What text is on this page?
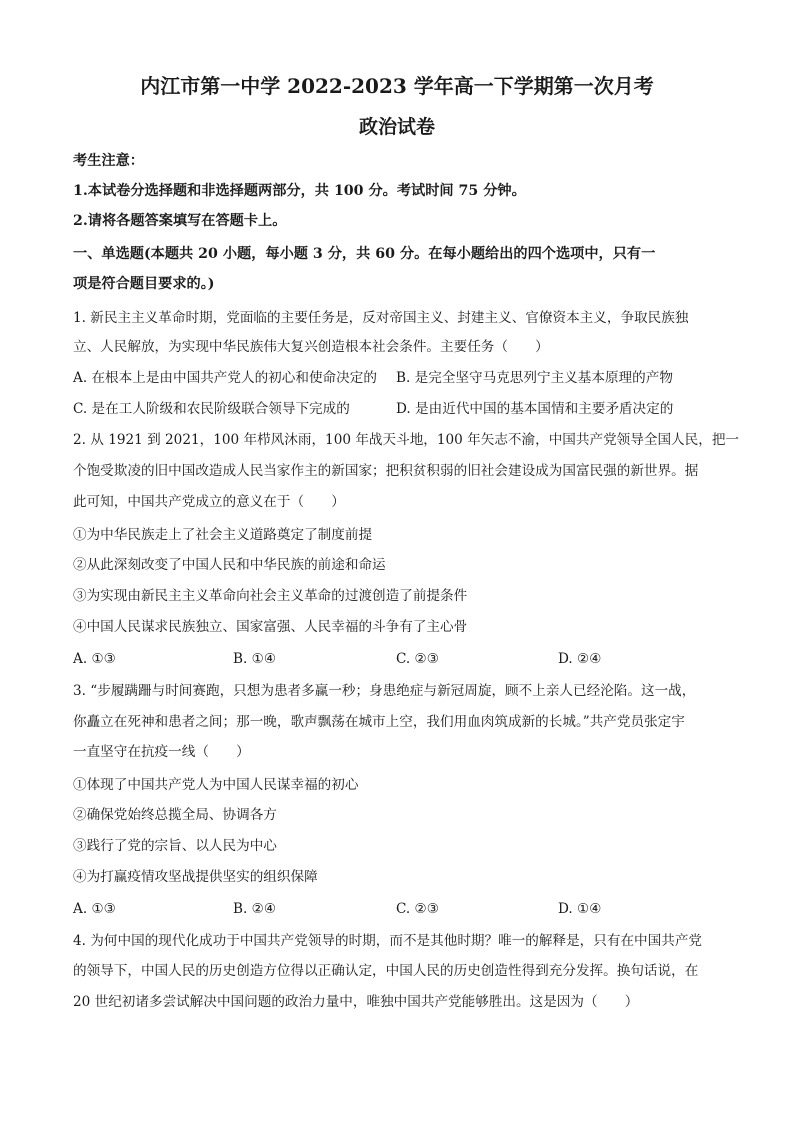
内江市第一中学 2022-2023 学年高一下学期第一次月考
政治试卷
考生注意：
1.本试卷分选择题和非选择题两部分，共 100 分。考试时间 75 分钟。
2.请将各题答案填写在答题卡上。
一、单选题(本题共 20 小题，每小题 3 分，共 60 分。在每小题给出的四个选项中，只有一
项是符合题目要求的。)
1. 新民主主义革命时期，党面临的主要任务是，反对帝国主义、封建主义、官僚资本主义，争取民族独
立、人民解放，为实现中华民族伟大复兴创造根本社会条件。主要任务（　　）
A. 在根本上是由中国共产党人的初心和使命决定的 B. 是完全坚守马克思列宁主义基本原理的产物
C. 是在工人阶级和农民阶级联合领导下完成的	D. 是由近代中国的基本国情和主要矛盾决定的
2. 从 1921 到 2021，100 年栉风沐雨，100 年战天斗地，100 年矢志不渝，中国共产党领导全国人民，把一
个饱受欺凌的旧中国改造成人民当家作主的新国家；把积贫积弱的旧社会建设成为国富民强的新世界。据
此可知，中国共产党成立的意义在于（　　）
①为中华民族走上了社会主义道路奠定了制度前提
②从此深刻改变了中国人民和中华民族的前途和命运
③为实现由新民主主义革命向社会主义革命的过渡创造了前提条件
④中国人民谋求民族独立、国家富强、人民幸福的斗争有了主心骨
A. ①③	B. ①④	C. ②③	D. ②④
3. “步履蹒跚与时间赛跑，只想为患者多赢一秒；身患绝症与新冠周旋，顾不上亲人已经沦陷。这一战，
你矗立在死神和患者之间；那一晚，歌声飘荡在城市上空，我们用血肉筑成新的长城。”共产党员张定宇
一直坚守在抗疫一线（　　）
①体现了中国共产党人为中国人民谋幸福的初心
②确保党始终总揽全局、协调各方
③践行了党的宗旨、以人民为中心
④为打赢疫情攻坚战提供坚实的组织保障
A. ①③	B. ②④	C. ②③	D. ①④
4. 为何中国的现代化成功于中国共产党领导的时期，而不是其他时期？唯一的解释是，只有在中国共产党
的领导下，中国人民的历史创造方位得以正确认定，中国人民的历史创造性得到充分发挥。换句话说，在
20 世纪初诸多尝试解决中国问题的政治力量中，唯独中国共产党能够胜出。这是因为（　　）
